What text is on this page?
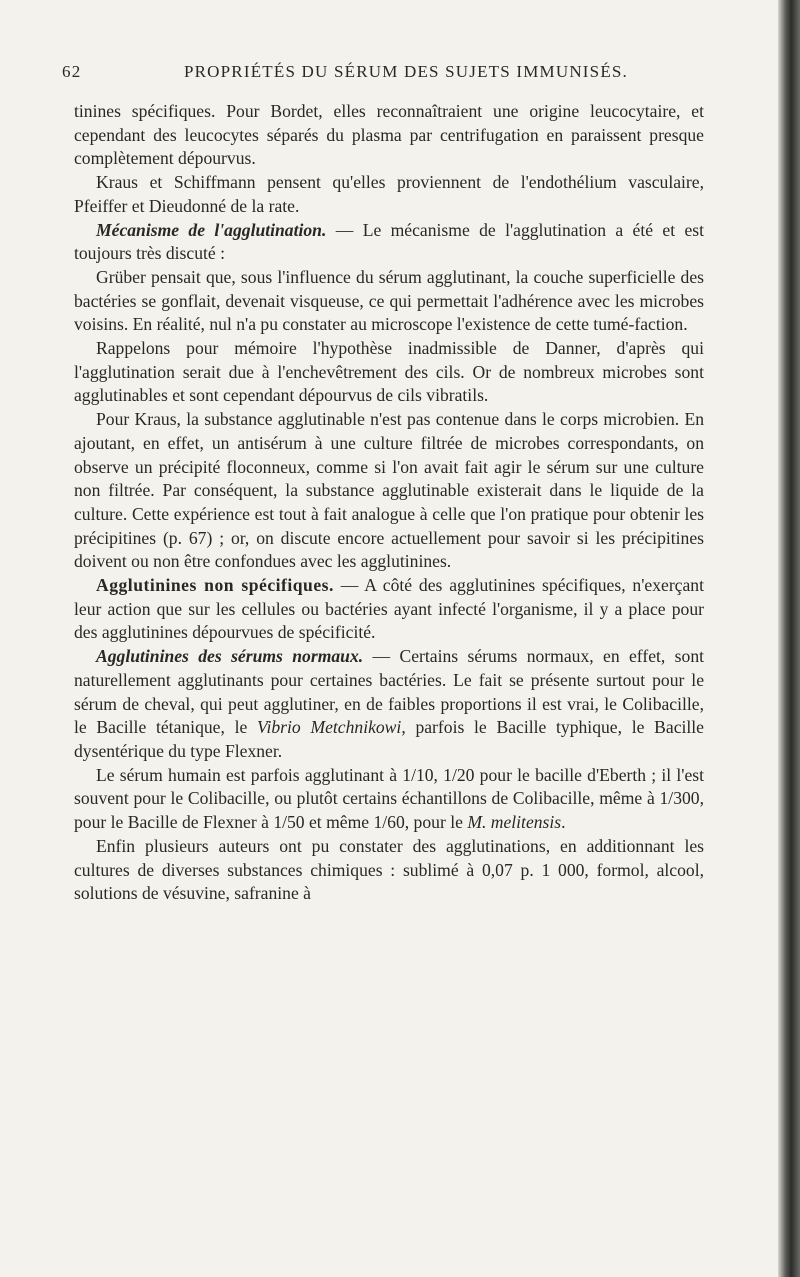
62	PROPRIÉTÉS DU SÉRUM DES SUJETS IMMUNISÉS.

tinines spécifiques. Pour Bordet, elles reconnaîtraient une origine leucocytaire, et cependant des leucocytes séparés du plasma par centrifugation en paraissent presque complètement dépourvus.

Kraus et Schiffmann pensent qu'elles proviennent de l'endothélium vasculaire, Pfeiffer et Dieudonné de la rate.

Mécanisme de l'agglutination. — Le mécanisme de l'agglutination a été et est toujours très discuté :

Grüber pensait que, sous l'influence du sérum agglutinant, la couche superficielle des bactéries se gonflait, devenait visqueuse, ce qui permettait l'adhérence avec les microbes voisins. En réalité, nul n'a pu constater au microscope l'existence de cette tumé-faction.

Rappelons pour mémoire l'hypothèse inadmissible de Danner, d'après qui l'agglutination serait due à l'enchevêtrement des cils. Or de nombreux microbes sont agglutinables et sont cependant dépourvus de cils vibratils.

Pour Kraus, la substance agglutinable n'est pas contenue dans le corps microbien. En ajoutant, en effet, un antisérum à une culture filtrée de microbes correspondants, on observe un précipité floconneux, comme si l'on avait fait agir le sérum sur une culture non filtrée. Par conséquent, la substance agglutinable existerait dans le liquide de la culture. Cette expérience est tout à fait analogue à celle que l'on pratique pour obtenir les précipitines (p. 67) ; or, on discute encore actuellement pour savoir si les précipitines doivent ou non être confondues avec les agglutinines.

Agglutinines non spécifiques. — A côté des agglutinines spécifiques, n'exerçant leur action que sur les cellules ou bactéries ayant infecté l'organisme, il y a place pour des agglutinines dépourvues de spécificité.

Agglutinines des sérums normaux. — Certains sérums normaux, en effet, sont naturellement agglutinants pour certaines bactéries. Le fait se présente surtout pour le sérum de cheval, qui peut agglutiner, en de faibles proportions il est vrai, le Colibacille, le Bacille tétanique, le Vibrio Metchnikowi, parfois le Bacille typhique, le Bacille dysentérique du type Flexner.

Le sérum humain est parfois agglutinant à 1/10, 1/20 pour le bacille d'Eberth ; il l'est souvent pour le Colibacille, ou plutôt certains échantillons de Colibacille, même à 1/300, pour le Bacille de Flexner à 1/50 et même 1/60, pour le M. melitensis.

Enfin plusieurs auteurs ont pu constater des agglutinations, en additionnant les cultures de diverses substances chimiques : sublimé à 0,07 p. 1 000, formol, alcool, solutions de vésuvine, safranine à
